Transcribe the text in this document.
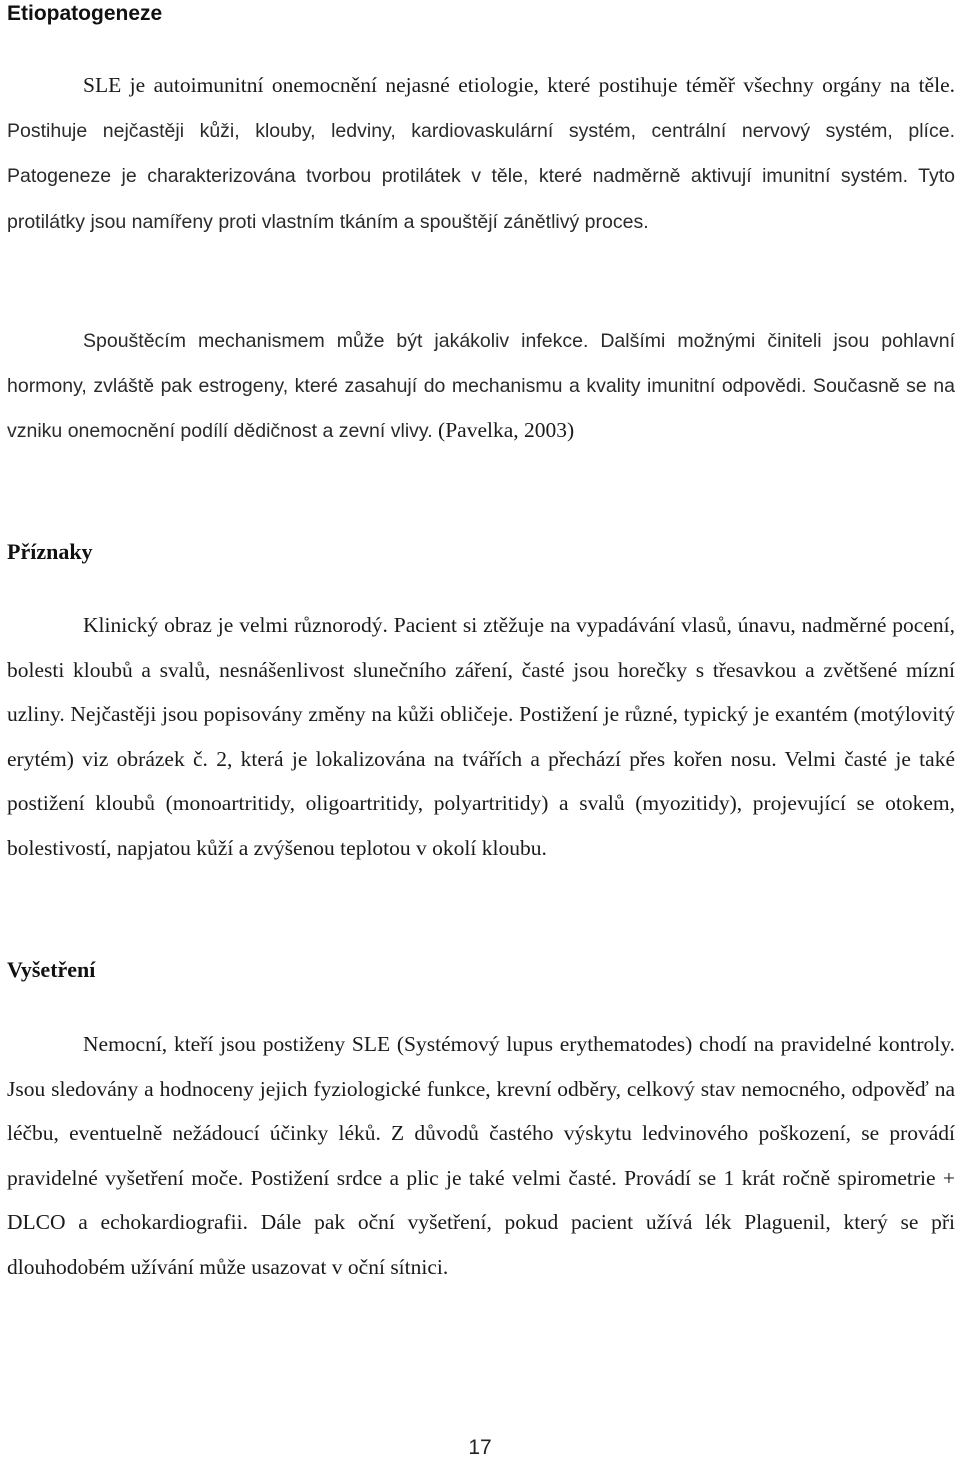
Etiopatogeneze

SLE je autoimunitní onemocnění nejasné etiologie, které postihuje téměř všechny orgány na těle. Postihuje nejčastěji kůži, klouby, ledviny, kardiovaskulární systém, centrální nervový systém, plíce. Patogeneze je charakterizována tvorbou protilátek v těle, které nadměrně aktivují imunitní systém. Tyto protilátky jsou namířeny proti vlastním tkáním a spouštějí zánětlivý proces.

Spouštěcím mechanismem může být jakákoliv infekce. Dalšími možnými činiteli jsou pohlavní hormony, zvláště pak estrogeny, které zasahují do mechanismu a kvality imunitní odpovědi. Současně se na vzniku onemocnění podílí dědičnost a zevní vlivy. (Pavelka, 2003)

Příznaky

Klinický obraz je velmi různorodý. Pacient si ztěžuje na vypadávání vlasů, únavu, nadměrné pocení, bolesti kloubů a svalů, nesnášenlivost slunečního záření, časté jsou horečky s třesavkou a zvětšené mízní uzliny. Nejčastěji jsou popisovány změny na kůži obličeje. Postižení je různé, typický je exantém (motýlovitý erytém) viz obrázek č. 2, která je lokalizována na tvářích a přechází přes kořen nosu. Velmi časté je také postižení kloubů (monoartritidy, oligoartritidy, polyartritidy) a svalů (myozitidy), projevující se otokem, bolestivostí, napjatou kůží a zvýšenou teplotou v okolí kloubu.

Vyšetření

Nemocní, kteří jsou postiženy SLE (Systémový lupus erythematodes) chodí na pravidelné kontroly. Jsou sledovány a hodnoceny jejich fyziologické funkce, krevní odběry, celkový stav nemocného, odpověď na léčbu, eventuelně nežádoucí účinky léků. Z důvodů častého výskytu ledvinového poškození, se provádí pravidelné vyšetření moče. Postižení srdce a plic je také velmi časté. Provádí se 1 krát ročně spirometrie + DLCO a echokardiografii. Dále pak oční vyšetření, pokud pacient užívá lék Plaguenil, který se při dlouhodobém užívání může usazovat v oční sítnici.

17
